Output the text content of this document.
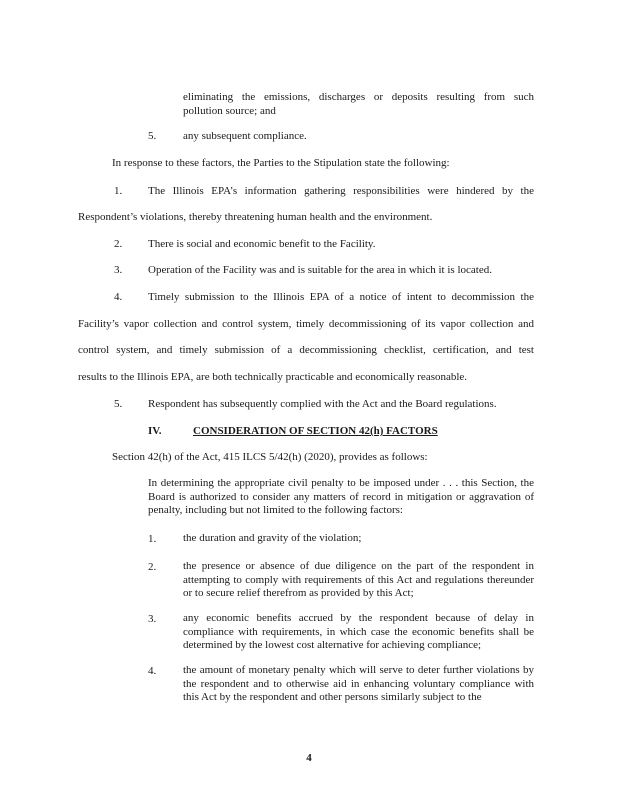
eliminating the emissions, discharges or deposits resulting from such
pollution source; and
5. any subsequent compliance.
In response to these factors, the Parties to the Stipulation state the following:
1. The Illinois EPA’s information gathering responsibilities were hindered by the
Respondent’s violations, thereby threatening human health and the environment.
2. There is social and economic benefit to the Facility.
3. Operation of the Facility was and is suitable for the area in which it is located.
4. Timely submission to the Illinois EPA of a notice of intent to decommission the
Facility’s vapor collection and control system, timely decommissioning of its vapor collection and
control system, and timely submission of a decommissioning checklist, certification, and test
results to the Illinois EPA, are both technically practicable and economically reasonable.
5. Respondent has subsequently complied with the Act and the Board regulations.
IV.	CONSIDERATION OF SECTION 42(h) FACTORS
Section 42(h) of the Act, 415 ILCS 5/42(h) (2020), provides as follows:
In determining the appropriate civil penalty to be imposed under . . . this Section, the Board is authorized to consider any matters of record in mitigation or aggravation of penalty, including but not limited to the following factors:
1. the duration and gravity of the violation;
2. the presence or absence of due diligence on the part of the respondent in attempting to comply with requirements of this Act and regulations thereunder or to secure relief therefrom as provided by this Act;
3. any economic benefits accrued by the respondent because of delay in compliance with requirements, in which case the economic benefits shall be determined by the lowest cost alternative for achieving compliance;
4. the amount of monetary penalty which will serve to deter further violations by the respondent and to otherwise aid in enhancing voluntary compliance with this Act by the respondent and other persons similarly subject to the
4
